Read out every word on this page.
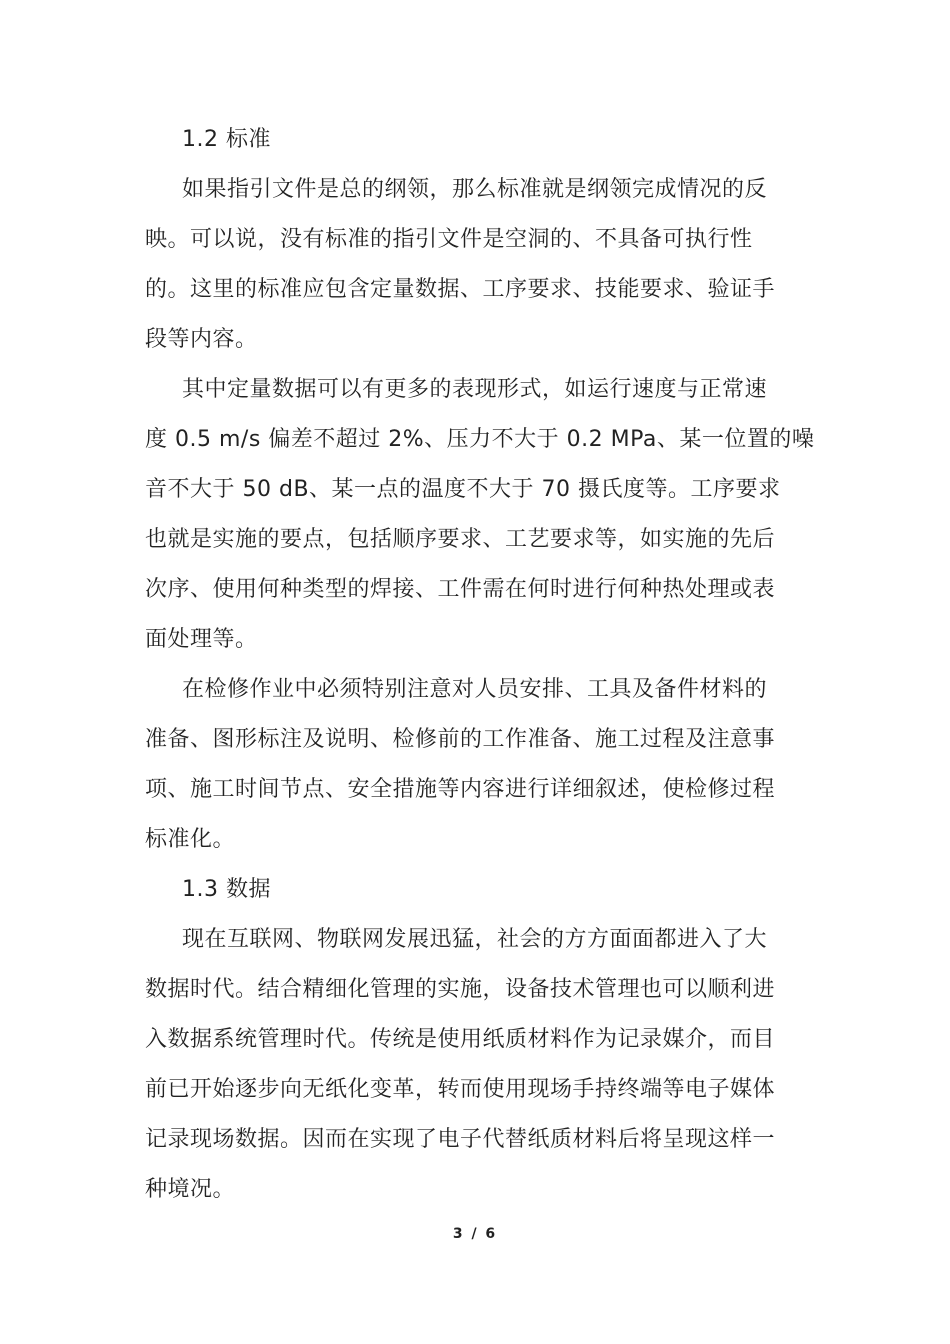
1.2 标准
如果指引文件是总的纲领，那么标准就是纲领完成情况的反
映。可以说，没有标准的指引文件是空洞的、不具备可执行性
的。这里的标准应包含定量数据、工序要求、技能要求、验证手
段等内容。
其中定量数据可以有更多的表现形式，如运行速度与正常速
度 0.5 m/s 偏差不超过 2%、压力不大于 0.2 MPa、某一位置的噪
音不大于 50 dB、某一点的温度不大于 70 摄氏度等。工序要求
也就是实施的要点，包括顺序要求、工艺要求等，如实施的先后
次序、使用何种类型的焊接、工件需在何时进行何种热处理或表
面处理等。
在检修作业中必须特别注意对人员安排、工具及备件材料的
准备、图形标注及说明、检修前的工作准备、施工过程及注意事
项、施工时间节点、安全措施等内容进行详细叙述，使检修过程
标准化。
1.3 数据
现在互联网、物联网发展迅猛，社会的方方面面都进入了大
数据时代。结合精细化管理的实施，设备技术管理也可以顺利进
入数据系统管理时代。传统是使用纸质材料作为记录媒介，而目
前已开始逐步向无纸化变革，转而使用现场手持终端等电子媒体
记录现场数据。因而在实现了电子代替纸质材料后将呈现这样一
种境况。
3 / 6
